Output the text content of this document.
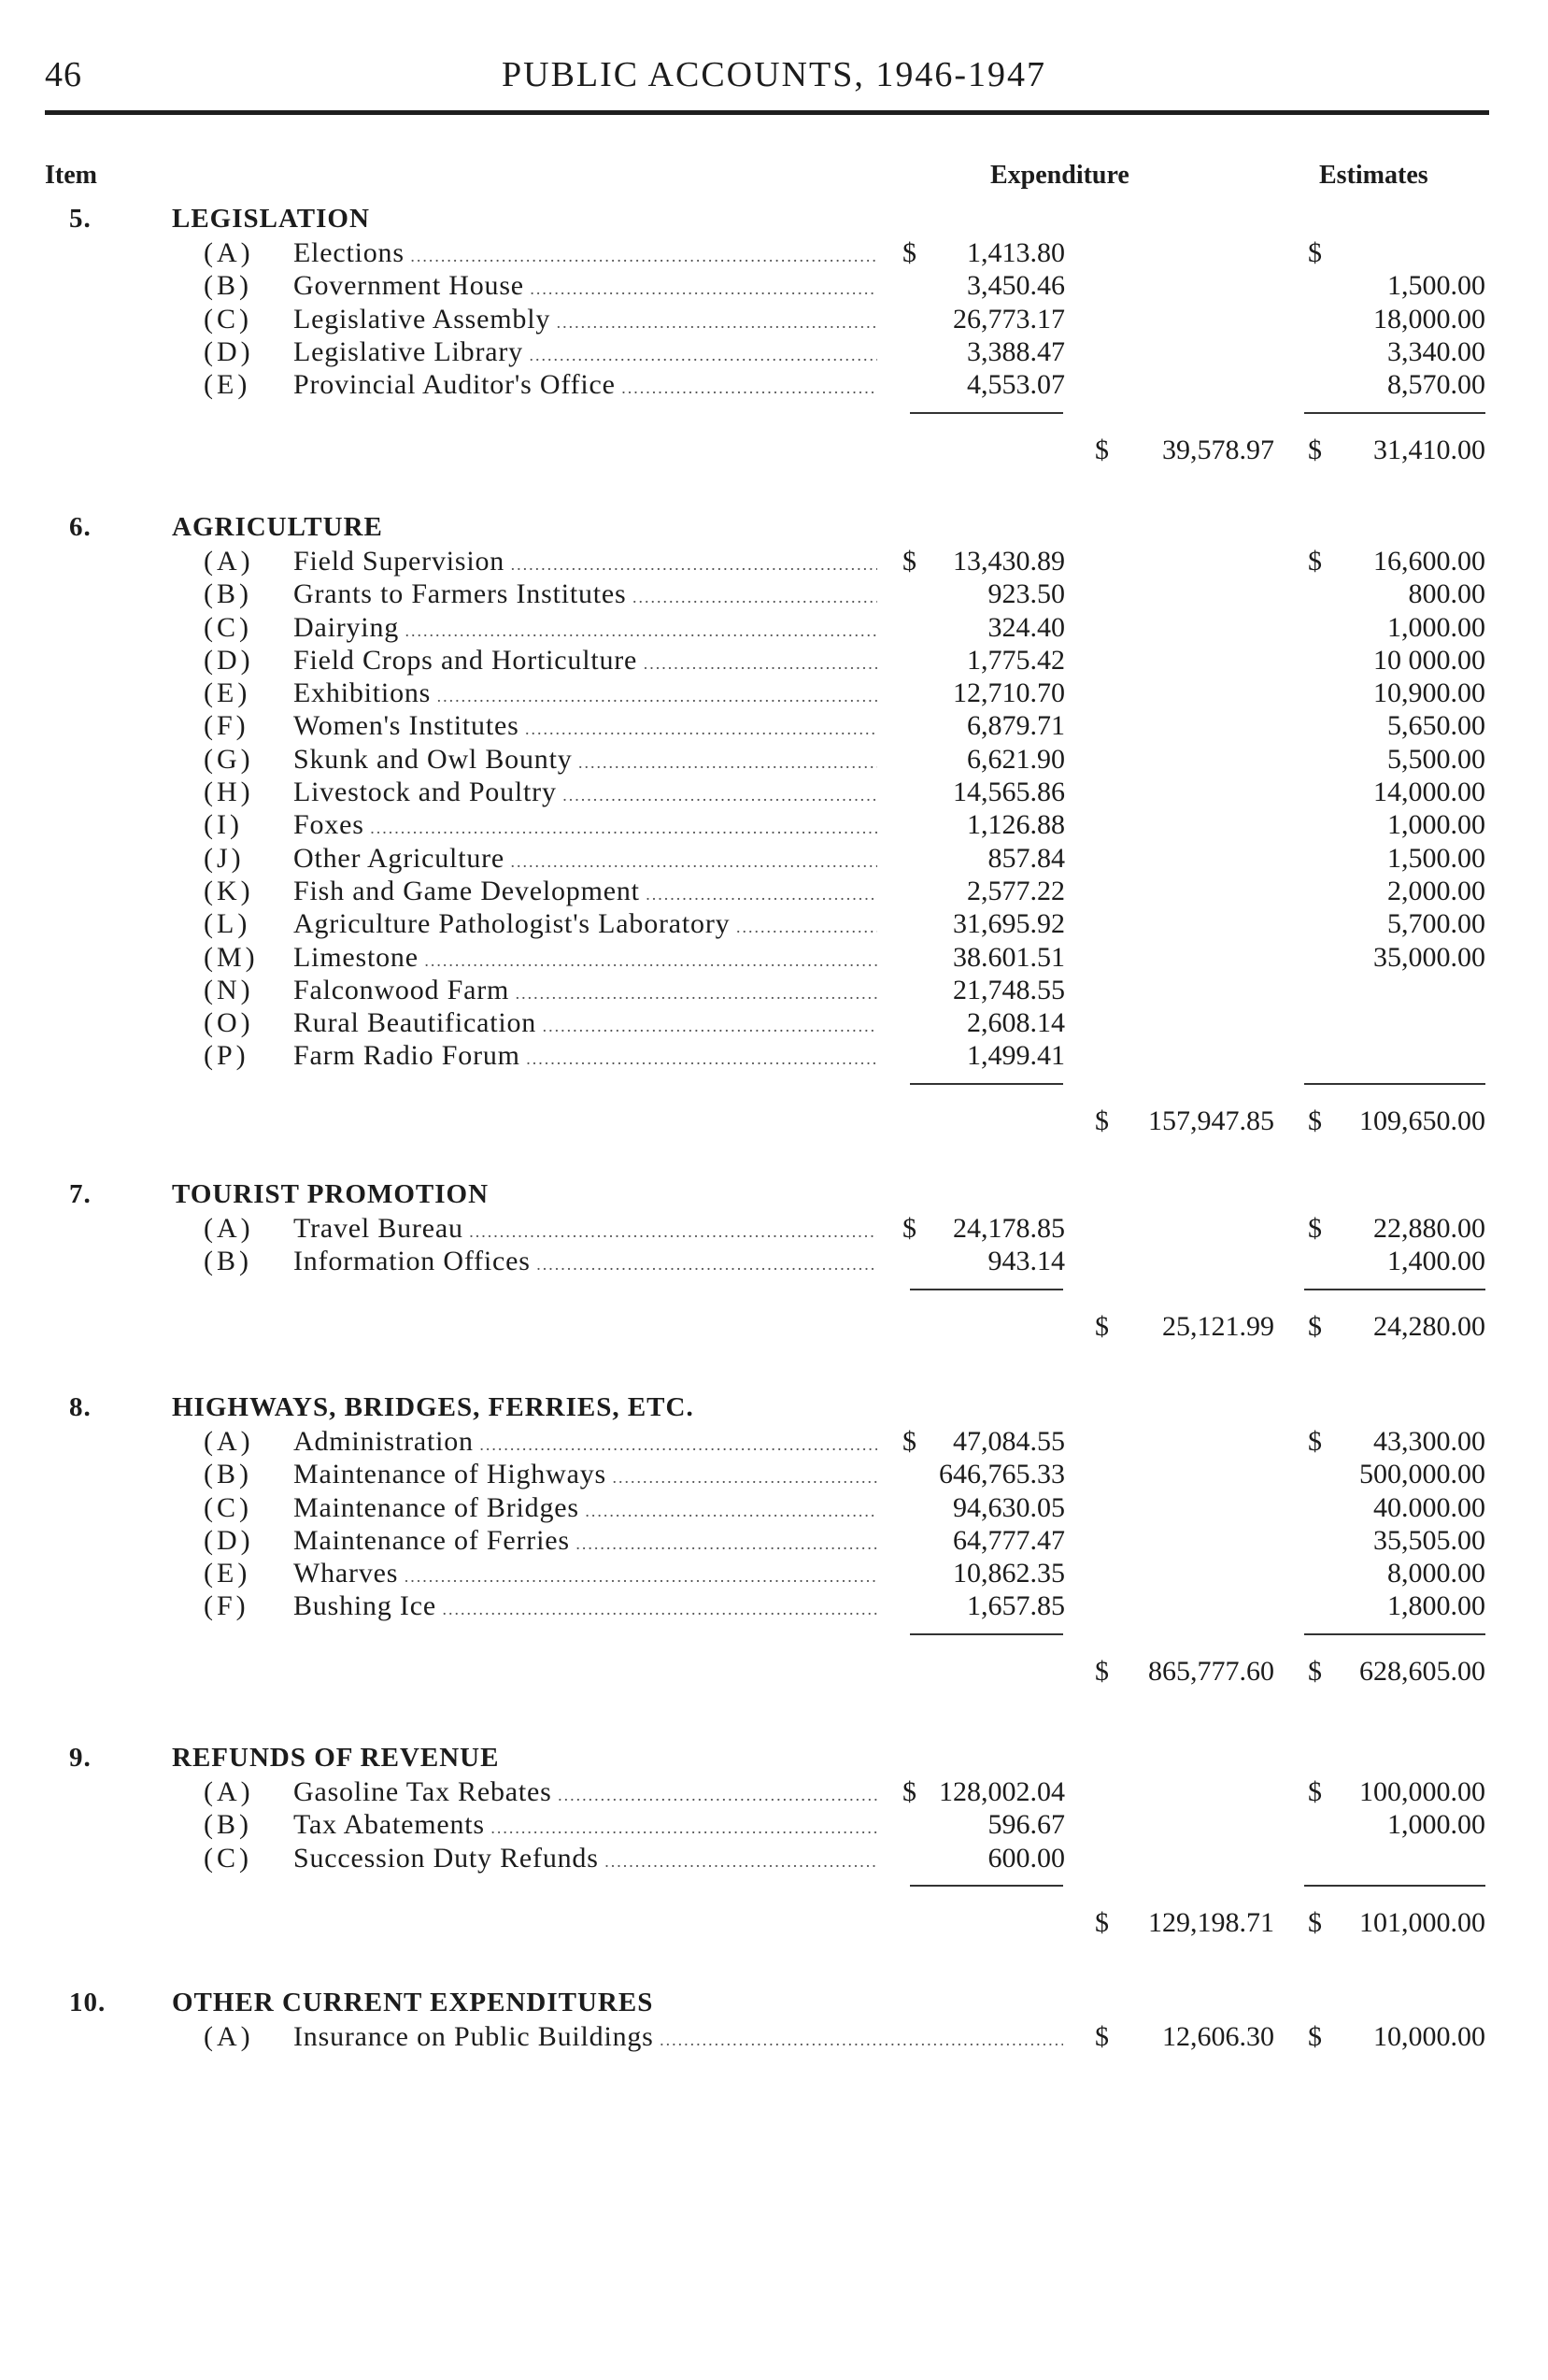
46	PUBLIC ACCOUNTS, 1946-1947
Item	Expenditure	Estimates
5.	LEGISLATION
(A) Elections .....	$	1,413.80	$
(B) Government House .....	3,450.46	1,500.00
(C) Legislative Assembly .....	26,773.17	18,000.00
(D) Legislative Library .....	3,388.47	3,340.00
(E) Provincial Auditor's Office .....	4,553.07	8,570.00
$	39,578.97 $	31,410.00
6.	AGRICULTURE
(A) Field Supervision .....	$	13,430.89	$	16,600.00
(B) Grants to Farmers Institutes .....	923.50	800.00
(C) Dairying .....	324.40	1,000.00
(D) Field Crops and Horticulture .....	1,775.42	10 000.00
(E) Exhibitions .....	12,710.70	10,900.00
(F) Women's Institutes .....	6,879.71	5,650.00
(G) Skunk and Owl Bounty .....	6,621.90	5,500.00
(H) Livestock and Poultry .....	14,565.86	14,000.00
(I) Foxes .....	1,126.88	1,000.00
(J) Other Agriculture .....	857.84	1,500.00
(K) Fish and Game Development .....	2,577.22	2,000.00
(L) Agriculture Pathologist's Laboratory .....	31,695.92	5,700.00
(M) Limestone .....	38.601.51	35,000.00
(N) Falconwood Farm .....	21,748.55
(O) Rural Beautification .....	2,608.14
(P) Farm Radio Forum .....	1,499.41
$	157,947.85 $	109,650.00
7.	TOURIST PROMOTION
(A) Travel Bureau .....	$	24,178.85	$	22,880.00
(B) Information Offices .....	943.14	1,400.00
$	25,121.99 $	24,280.00
8.	HIGHWAYS, BRIDGES, FERRIES, ETC.
(A) Administration .....	$	47,084.55	$	43,300.00
(B) Maintenance of Highways .....	646,765.33	500,000.00
(C) Maintenance of Bridges .....	94,630.05	40.000.00
(D) Maintenance of Ferries .....	64,777.47	35,505.00
(E) Wharves .....	10,862.35	8,000.00
(F) Bushing Ice .....	1,657.85	1,800.00
$	865,777.60 $	628,605.00
9.	REFUNDS OF REVENUE
(A) Gasoline Tax Rebates .....	$ 128,002.04	$	100,000.00
(B) Tax Abatements .....	596.67	1,000.00
(C) Succession Duty Refunds .....	600.00
$	129,198.71 $	101,000.00
10. OTHER CURRENT EXPENDITURES
(A) Insurance on Public Buildings .....	$	12,606.30 $	10,000.00
